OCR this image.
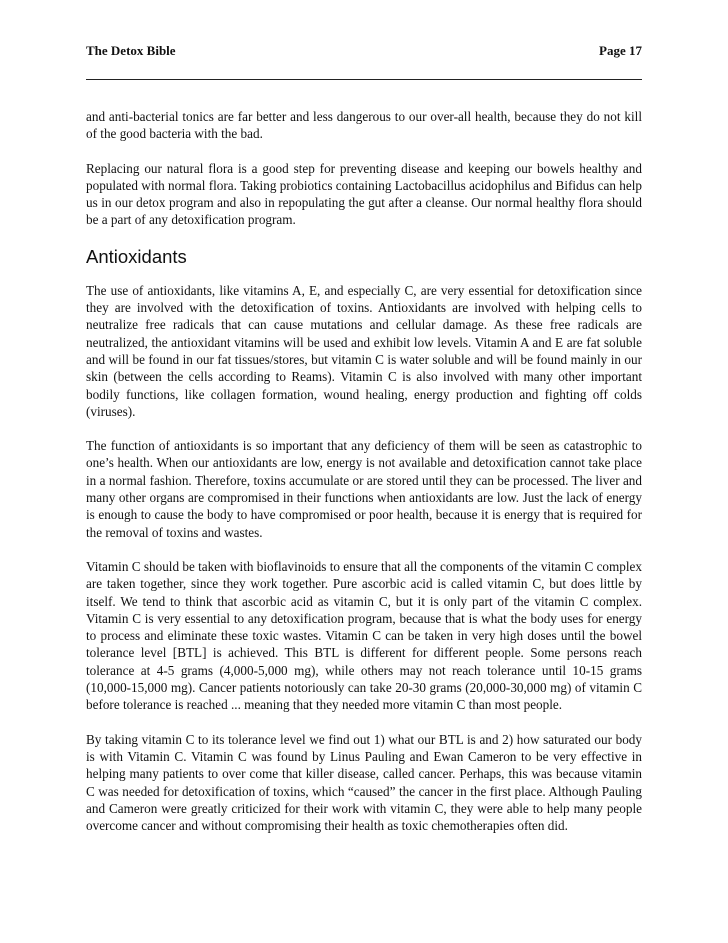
The Detox Bible	Page 17

and anti-bacterial tonics are far better and less dangerous to our over-all health, because they do not kill of the good bacteria with the bad.

Replacing our natural flora is a good step for preventing disease and keeping our bowels healthy and populated with normal flora. Taking probiotics containing Lactobacillus acidophilus and Bifidus can help us in our detox program and also in repopulating the gut after a cleanse. Our normal healthy flora should be a part of any detoxification program.

Antioxidants

The use of antioxidants, like vitamins A, E, and especially C, are very essential for detoxification since they are involved with the detoxification of toxins. Antioxidants are involved with helping cells to neutralize free radicals that can cause mutations and cellular damage. As these free radicals are neutralized, the antioxidant vitamins will be used and exhibit low levels. Vitamin A and E are fat soluble and will be found in our fat tissues/stores, but vitamin C is water soluble and will be found mainly in our skin (between the cells according to Reams). Vitamin C is also involved with many other important bodily functions, like collagen formation, wound healing, energy production and fighting off colds (viruses).

The function of antioxidants is so important that any deficiency of them will be seen as catastrophic to one’s health. When our antioxidants are low, energy is not available and detoxification cannot take place in a normal fashion. Therefore, toxins accumulate or are stored until they can be processed. The liver and many other organs are compromised in their functions when antioxidants are low. Just the lack of energy is enough to cause the body to have compromised or poor health, because it is energy that is required for the removal of toxins and wastes.

Vitamin C should be taken with bioflavinoids to ensure that all the components of the vitamin C complex are taken together, since they work together. Pure ascorbic acid is called vitamin C, but does little by itself. We tend to think that ascorbic acid as vitamin C, but it is only part of the vitamin C complex. Vitamin C is very essential to any detoxification program, because that is what the body uses for energy to process and eliminate these toxic wastes. Vitamin C can be taken in very high doses until the bowel tolerance level [BTL] is achieved. This BTL is different for different people. Some persons reach tolerance at 4-5 grams (4,000-5,000 mg), while others may not reach tolerance until 10-15 grams (10,000-15,000 mg). Cancer patients notoriously can take 20-30 grams (20,000-30,000 mg) of vitamin C before tolerance is reached ... meaning that they needed more vitamin C than most people.

By taking vitamin C to its tolerance level we find out 1) what our BTL is and 2) how saturated our body is with Vitamin C. Vitamin C was found by Linus Pauling and Ewan Cameron to be very effective in helping many patients to over come that killer disease, called cancer. Perhaps, this was because vitamin C was needed for detoxification of toxins, which “caused” the cancer in the first place. Although Pauling and Cameron were greatly criticized for their work with vitamin C, they were able to help many people overcome cancer and without compromising their health as toxic chemotherapies often did.
